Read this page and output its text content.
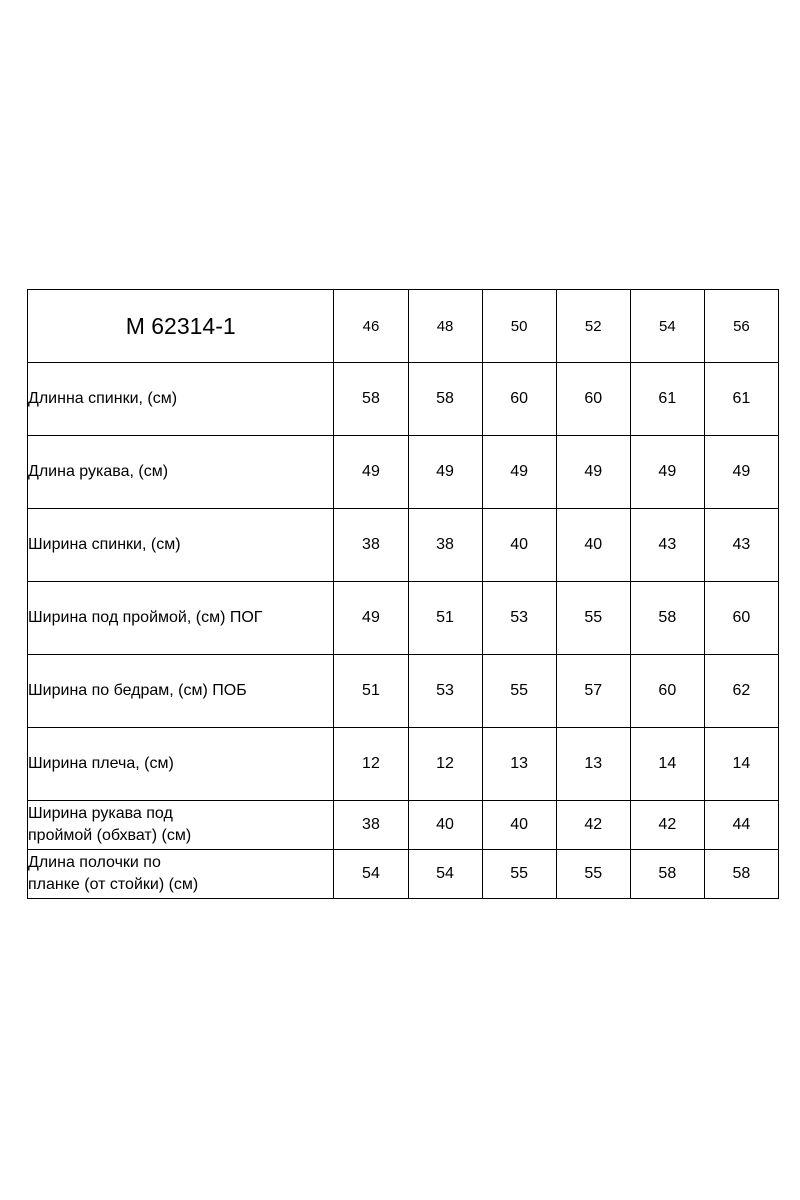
M 62314-1	46	48	50	52	54	56
Длинна спинки, (см)	58	58	60	60	61	61
Длина рукава, (см)	49	49	49	49	49	49
Ширина спинки, (см)	38	38	40	40	43	43
Ширина под проймой, (см) ПОГ	49	51	53	55	58	60
Ширина по бедрам, (см) ПОБ	51	53	55	57	60	62
Ширина плеча, (см)	12	12	13	13	14	14

Ширина рукава под
проймой (обхват) (см)	38	40	40	42	42	44

Длина полочки по
планке (от стойки) (см)	54	54	55	55	58	58
